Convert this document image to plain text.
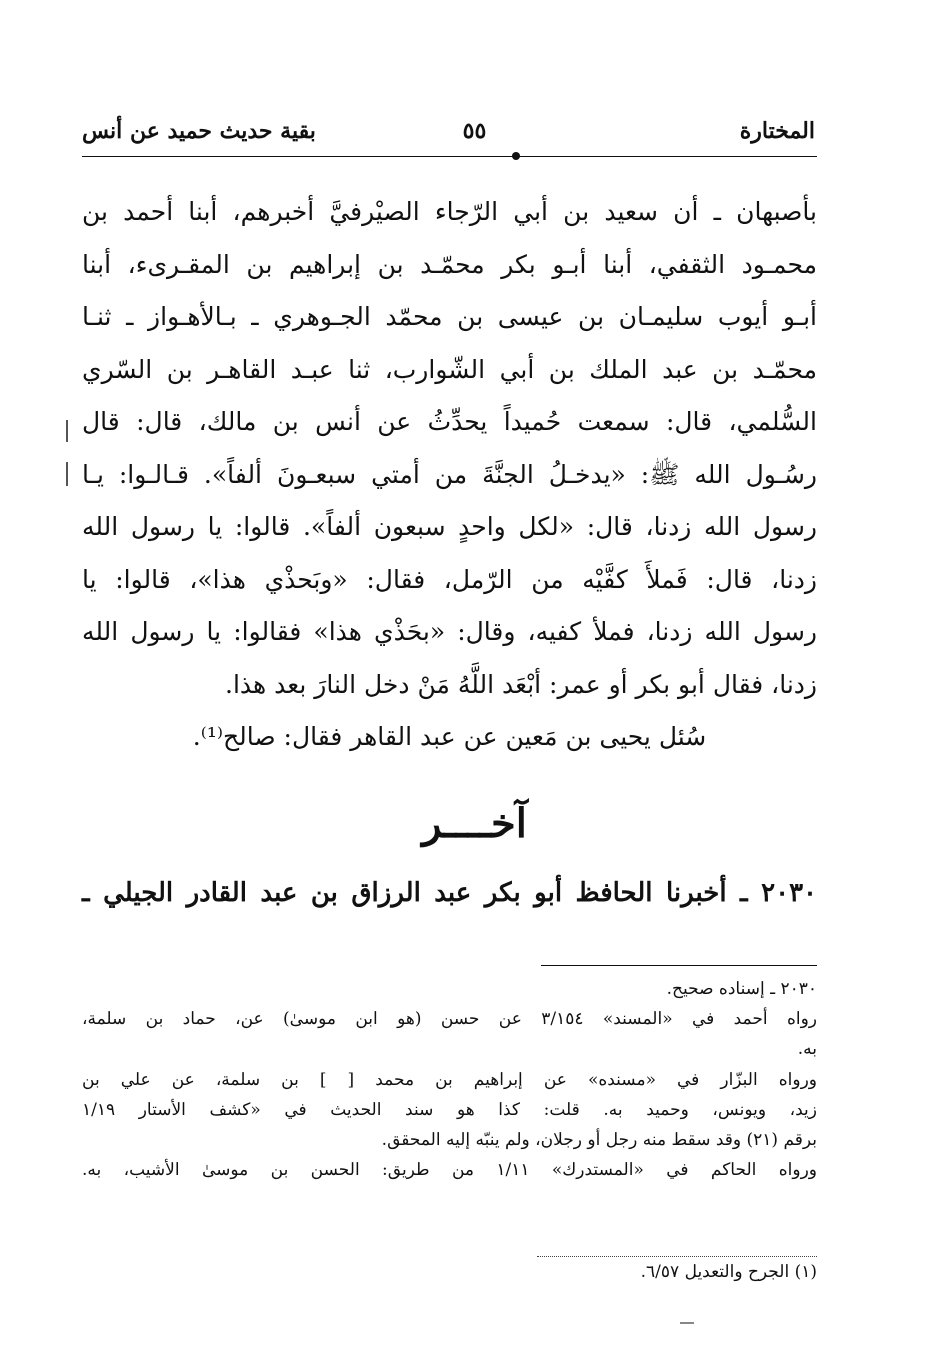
المختارة
٥٥
بقية حديث حميد عن أنس
بأصبهان ـ أن سعيد بن أبي الرّجاء الصيْرفيَّ أخبرهم، أبنا أحمد بن
محمـود الثقفي، أبنا أبـو بكر محمّـد بن إبراهيم بن المقـرىء، أبنا
أبـو أيوب سليمـان بن عيسى بن محمّد الجـوهري ـ بـالأهـواز ـ ثنـا
محمّـد بن عبد الملك بن أبي الشّوارب، ثنا عبـد القاهـر بن السّري
السُّلمي، قال: سمعت حُميداً يحدِّثُ عن أنس بن مالك، قال: قال
رسُـول الله ﷺ: «يدخـلُ الجنَّةَ من أمتي سبعـونَ ألفاً». قـالـوا: يـا
رسول الله زدنا، قال: «لكل واحدٍ سبعون ألفاً». قالوا: يا رسول الله
زدنا، قال: فَملأَ كفَّيْه من الرّمل، فقال: «وبَحذْي هذا»، قالوا: يا
رسول الله زدنا، فملأ كفيه، وقال: «بحَذْي هذا» فقالوا: يا رسول الله
زدنا، فقال أبو بكر أو عمر: أبْعَد اللَّهُ مَنْ دخل النارَ بعد هذا.
سُئل يحيى بن مَعين عن عبد القاهر فقال: صالح⁽¹⁾.
آخــــر
٢٠٣٠ ـ أخبرنا الحافظ أبو بكر عبد الرزاق بن عبد القادر الجيلي ـ
٢٠٣٠ ـ إسناده صحيح.
رواه أحمد في «المسند» ٣/١٥٤ عن حسن (هو ابن موسىٰ) عن، حماد بن سلمة،
به.
ورواه البزّار في «مسنده» عن إبراهيم بن محمد [ ] بن سلمة، عن علي بن
زيد، ويونس، وحميد به. قلت: كذا هو سند الحديث في «كشف الأستار ١/١٩
برقم (٢١) وقد سقط منه رجل أو رجلان، ولم ينبّه إليه المحقق.
ورواه الحاكم في «المستدرك» ١/١١ من طريق: الحسن بن موسىٰ الأشيب، به.
(١) الجرح والتعديل ٦/٥٧.
